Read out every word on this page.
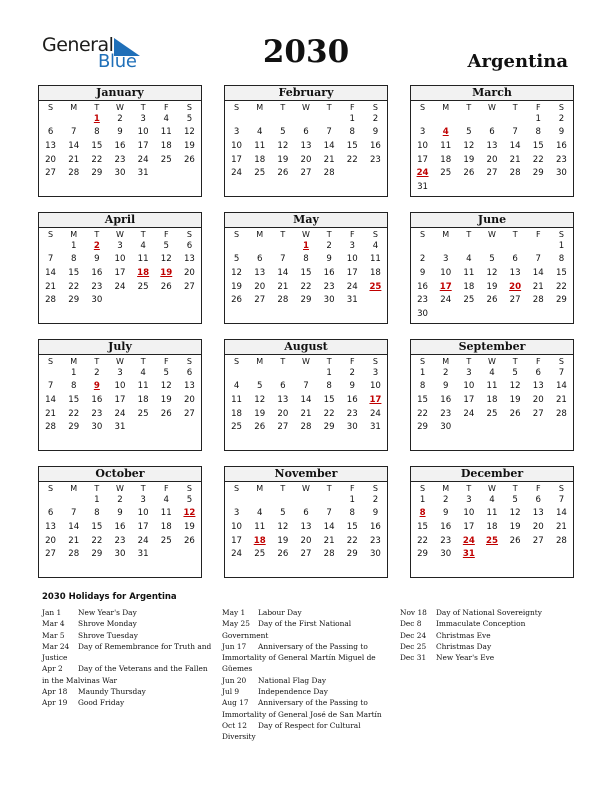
General
Blue	2030	Argentina
January
S	M	T	W	T	F	S
		1	2	3	4	5
6	7	8	9	10	11	12
13	14	15	16	17	18	19
20	21	22	23	24	25	26
27	28	29	30	31		
February
S	M	T	W	T	F	S
					1	2
3	4	5	6	7	8	9
10	11	12	13	14	15	16
17	18	19	20	21	22	23
24	25	26	27	28		
March
S	M	T	W	T	F	S
					1	2
3	4	5	6	7	8	9
10	11	12	13	14	15	16
17	18	19	20	21	22	23
24	25	26	27	28	29	30
31						
April
S	M	T	W	T	F	S
	1	2	3	4	5	6
7	8	9	10	11	12	13
14	15	16	17	18	19	20
21	22	23	24	25	26	27
28	29	30				
May
S	M	T	W	T	F	S
			1	2	3	4
5	6	7	8	9	10	11
12	13	14	15	16	17	18
19	20	21	22	23	24	25
26	27	28	29	30	31	
June
S	M	T	W	T	F	S
						1
2	3	4	5	6	7	8
9	10	11	12	13	14	15
16	17	18	19	20	21	22
23	24	25	26	27	28	29
30						
July
S	M	T	W	T	F	S
	1	2	3	4	5	6
7	8	9	10	11	12	13
14	15	16	17	18	19	20
21	22	23	24	25	26	27
28	29	30	31			
August
S	M	T	W	T	F	S
				1	2	3
4	5	6	7	8	9	10
11	12	13	14	15	16	17
18	19	20	21	22	23	24
25	26	27	28	29	30	31
September
S	M	T	W	T	F	S
1	2	3	4	5	6	7
8	9	10	11	12	13	14
15	16	17	18	19	20	21
22	23	24	25	26	27	28
29	30					
October
S	M	T	W	T	F	S
		1	2	3	4	5
6	7	8	9	10	11	12
13	14	15	16	17	18	19
20	21	22	23	24	25	26
27	28	29	30	31		
November
S	M	T	W	T	F	S
					1	2
3	4	5	6	7	8	9
10	11	12	13	14	15	16
17	18	19	20	21	22	23
24	25	26	27	28	29	30
December
S	M	T	W	T	F	S
1	2	3	4	5	6	7
8	9	10	11	12	13	14
15	16	17	18	19	20	21
22	23	24	25	26	27	28
29	30	31				
2030 Holidays for Argentina
Jan 1 New Year's Day
Mar 4 Shrove Monday
Mar 5 Shrove Tuesday
Mar 24 Day of Remembrance for Truth and Justice
Apr 2 Day of the Veterans and the Fallen in the Malvinas War
Apr 18 Maundy Thursday
Apr 19 Good Friday
May 1 Labour Day
May 25 Day of the First National Government
Jun 17 Anniversary of the Passing to Immortality of General Martín Miguel de Güemes
Jun 20 National Flag Day
Jul 9	Independence Day
Aug 17 Anniversary of the Passing to Immortality of General José de San Martín
Oct 12 Day of Respect for Cultural Diversity
Nov 18 Day of National Sovereignty
Dec 8 Immaculate Conception
Dec 24 Christmas Eve
Dec 25 Christmas Day
Dec 31 New Year's Eve
